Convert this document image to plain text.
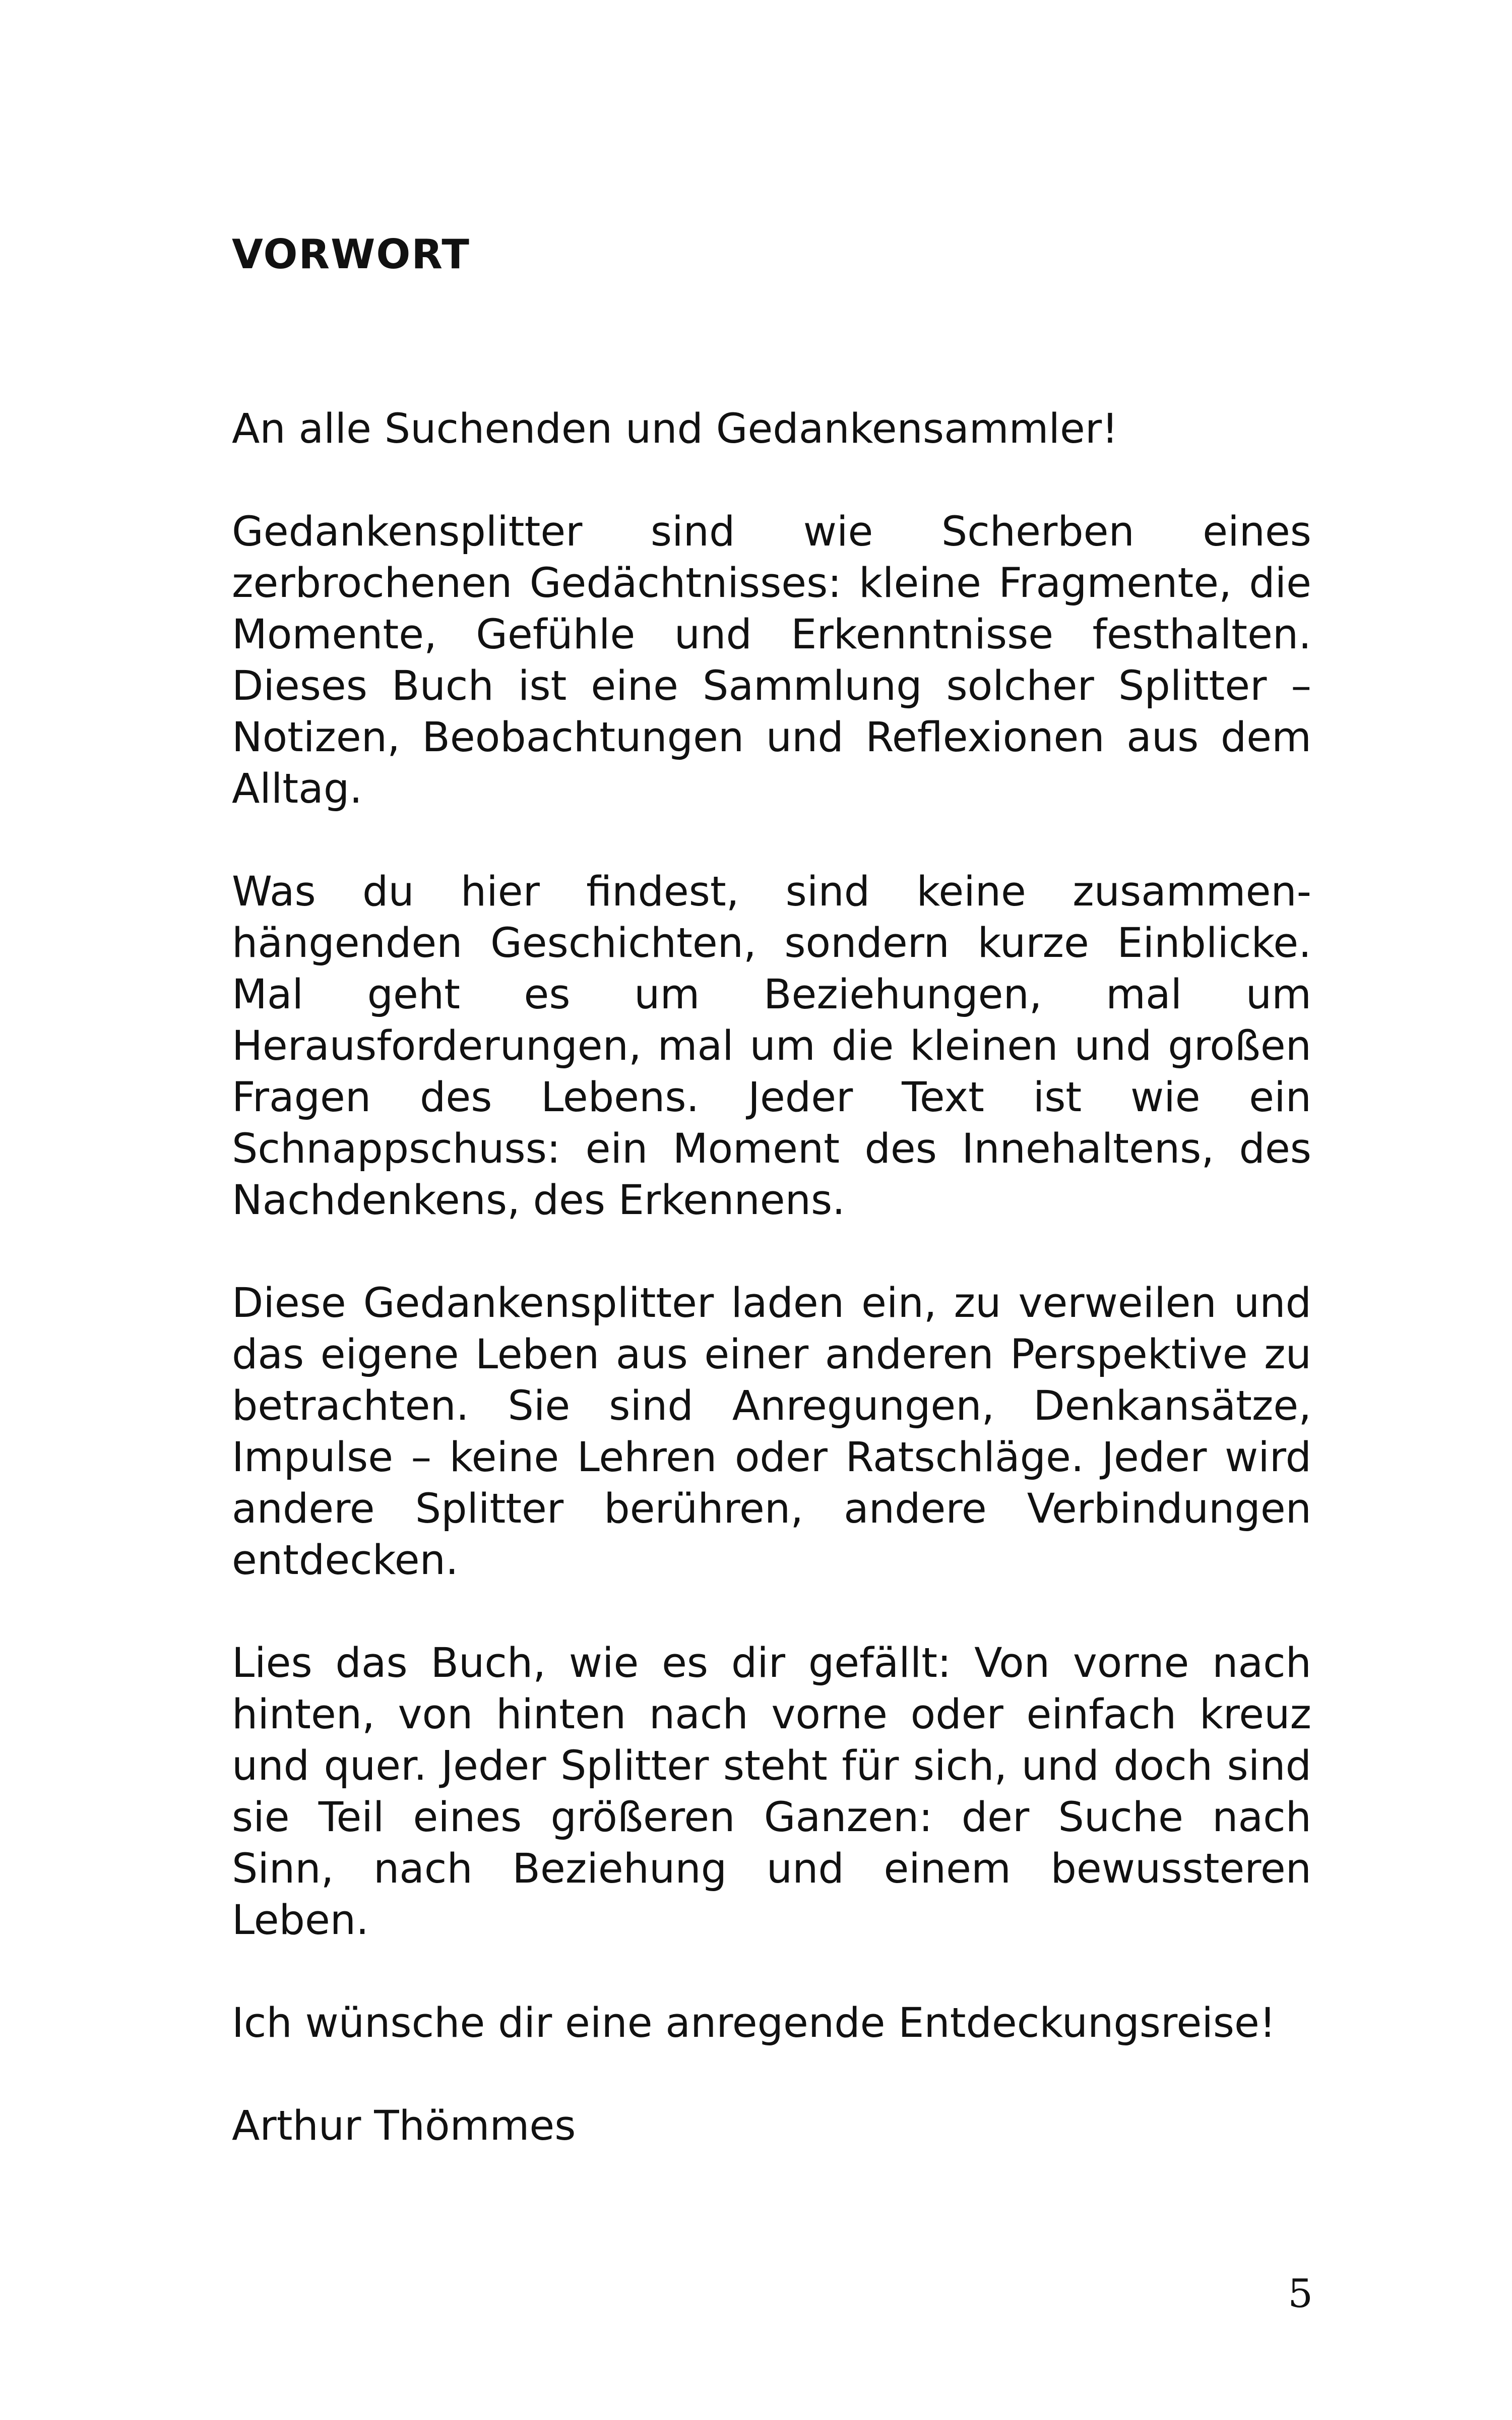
VORWORT

An alle Suchenden und Gedankensammler!

Gedankensplitter sind wie Scherben eines zerbrochenen Gedächtnisses: kleine Fragmente, die Momente, Gefühle und Erkenntnisse festhalten. Dieses Buch ist eine Sammlung solcher Splitter – Notizen, Beobachtungen und Reflexionen aus dem Alltag.

Was du hier findest, sind keine zusammenhängenden Geschichten, sondern kurze Einblicke. Mal geht es um Beziehungen, mal um Herausforderungen, mal um die kleinen und großen Fragen des Lebens. Jeder Text ist wie ein Schnappschuss: ein Moment des Innehaltens, des Nachdenkens, des Erkennens.

Diese Gedankensplitter laden ein, zu verweilen und das eigene Leben aus einer anderen Perspektive zu betrachten. Sie sind Anregungen, Denkansätze, Impulse – keine Lehren oder Ratschläge. Jeder wird andere Splitter berühren, andere Verbindungen entdecken.

Lies das Buch, wie es dir gefällt: Von vorne nach hinten, von hinten nach vorne oder einfach kreuz und quer. Jeder Splitter steht für sich, und doch sind sie Teil eines größeren Ganzen: der Suche nach Sinn, nach Beziehung und einem bewussteren Leben.

Ich wünsche dir eine anregende Entdeckungsreise!

Arthur Thömmes

5
